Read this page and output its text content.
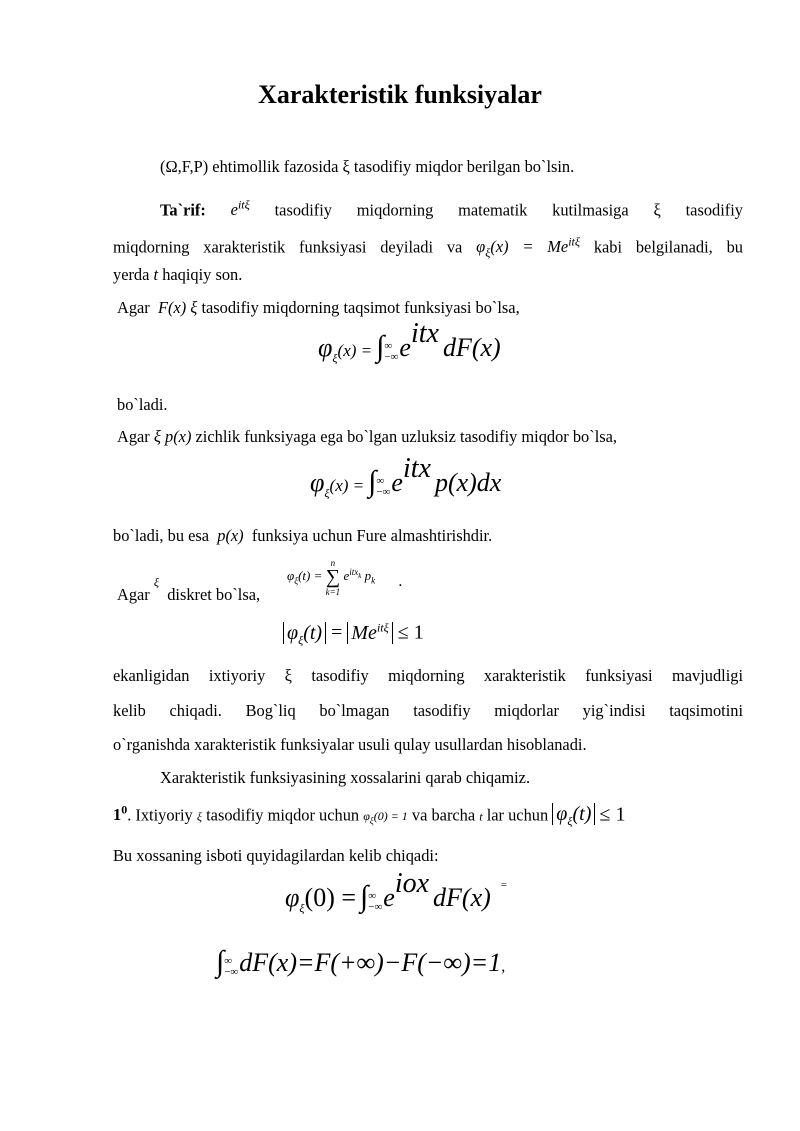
Xarakteristik funksiyalar
(Ω,F,P) ehtimollik fazosida ξ tasodifiy miqdor berilgan bo`lsin.
Ta`rif: $e^{it\xi}$ tasodifiy miqdorning matematik kutilmasiga ξ tasodifiy
miqdorning xarakteristik funksiyasi deyiladi va $\varphi_\xi(x) = Me^{it\xi}$ kabi belgilanadi, bu
yerda t haqiqiy son.
Agar F(x) ξ tasodifiy miqdorning taqsimot funksiyasi bo`lsa,
$\varphi_\xi(x)$ = ∫∞
−∞eitx dF(x)
bo`ladi.
Agar ξ p(x) zichlik funksiyaga ega bo`lgan uzluksiz tasodifiy miqdor bo`lsa,
$\varphi_\xi(x)$ = ∫∞
−∞eitx p(x)dx
bo`ladi, bu esa p(x) funksiya uchun Fure almashtirishdir.
Agar $^\xi$  diskret bo`lsa,
$\varphi_\xi(t) = n$
∑
k=1 $e^{itx_k}$ $p_k$ .
$\varphi_\xi(t) = Me^{it\xi} \le 1$
ekanligidan ixtiyoriy ξ tasodifiy miqdorning xarakteristik funksiyasi mavjudligi
kelib chiqadi. Bog`liq bo`lmagan tasodifiy miqdorlar yig`indisi taqsimotini
o`rganishda xarakteristik funksiyalar usuli qulay usullardan hisoblanadi.
Xarakteristik funksiyasining xossalarini qarab chiqamiz.
$1^0$. Ixtiyoriy ξ tasodifiy miqdor uchun $\varphi_\xi(0) = 1$ va barcha t lar uchun $\varphi_\xi(t) \le 1$
Bu xossaning isboti quyidagilardan kelib chiqadi:
$\varphi_\xi(0)$ = ∫∞
−∞eiox dF(x) =
∫∞
−∞dF(x)=F(+∞)−F(−∞)=1,
